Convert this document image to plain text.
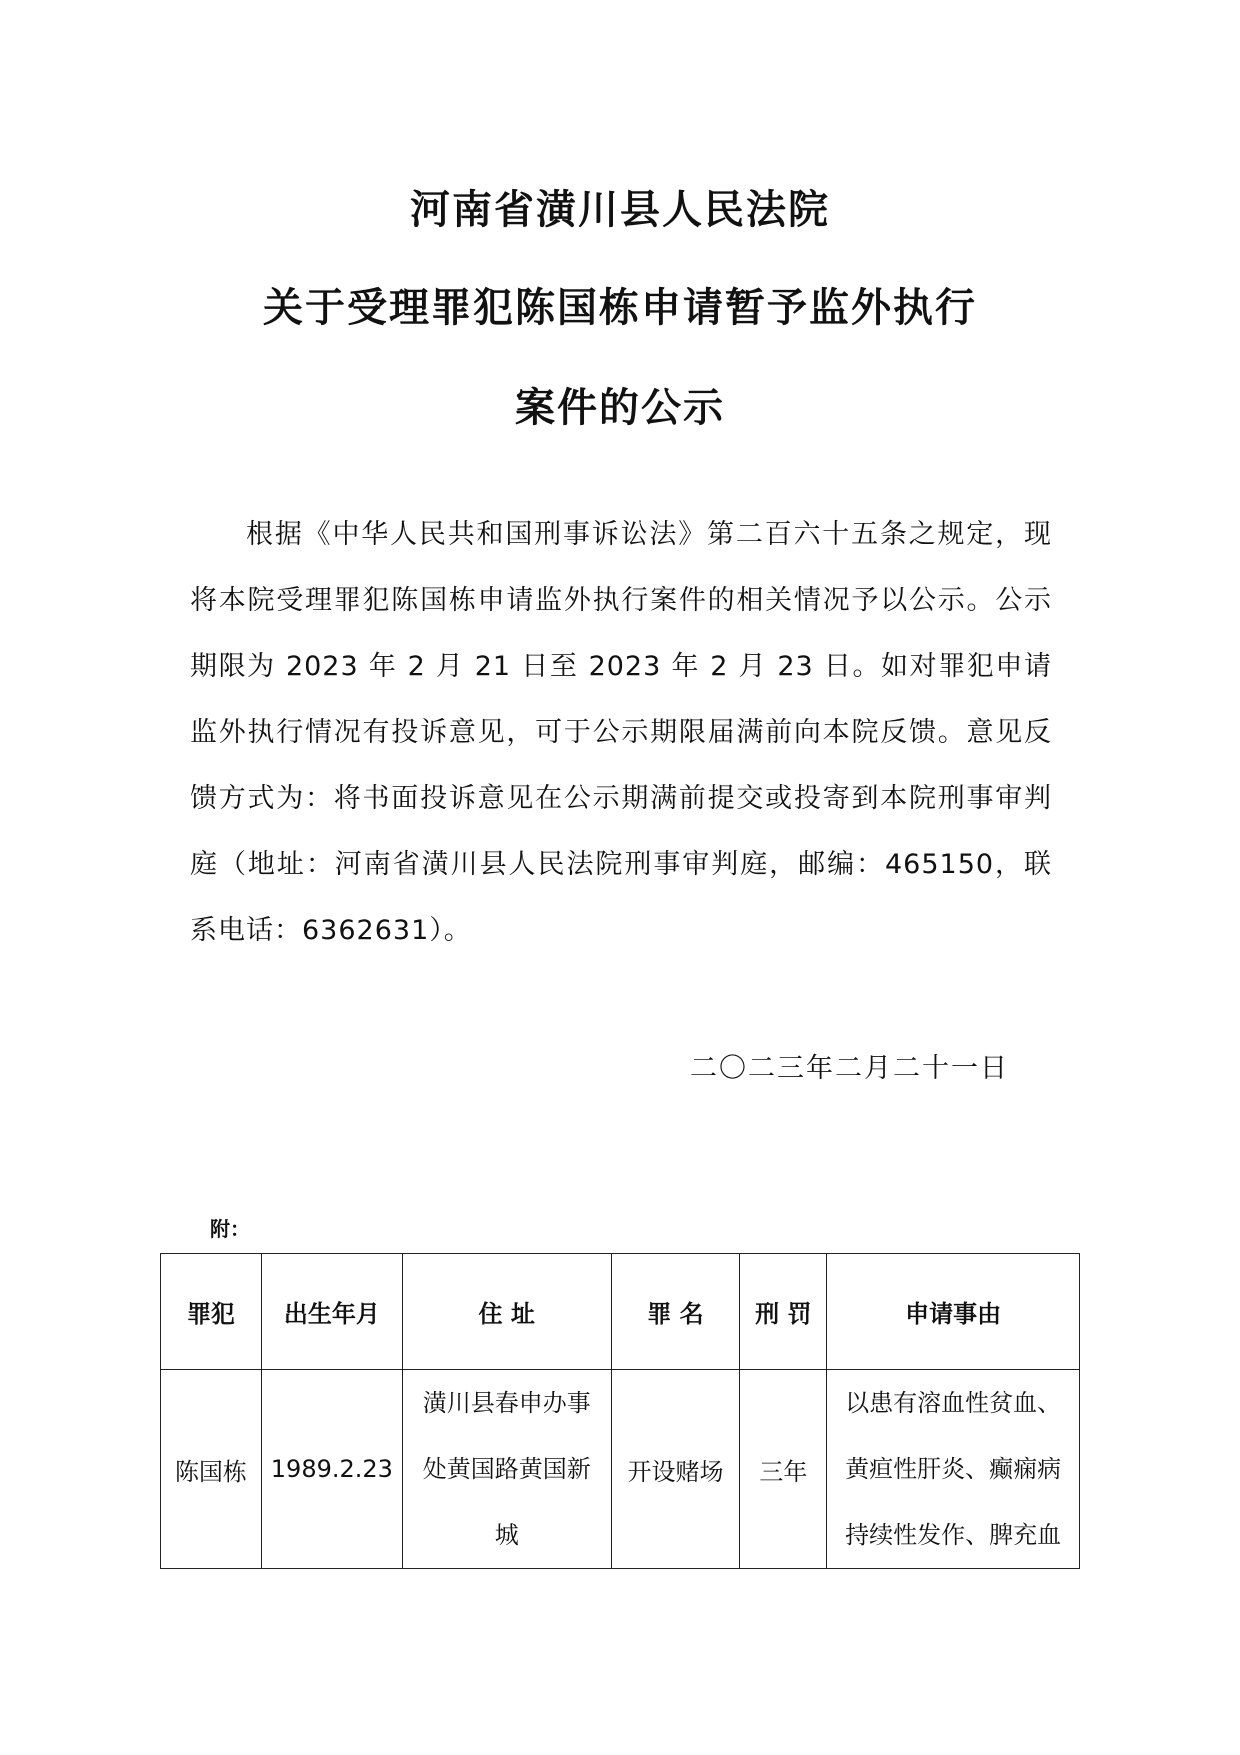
河南省潢川县人民法院
关于受理罪犯陈国栋申请暂予监外执行
案件的公示

根据《中华人民共和国刑事诉讼法》第二百六十五条之规定，现将本院受理罪犯陈国栋申请监外执行案件的相关情况予以公示。公示期限为 2023 年 2 月 21 日至 2023 年 2 月 23 日。如对罪犯申请监外执行情况有投诉意见，可于公示期限届满前向本院反馈。意见反馈方式为：将书面投诉意见在公示期满前提交或投寄到本院刑事审判庭（地址：河南省潢川县人民法院刑事审判庭，邮编：465150，联系电话：6362631）。

二〇二三年二月二十一日
附：
罪犯	出生年月	住 址	罪 名	刑 罚	申请事由
陈国栋	1989.2.23	潢川县春申办事处黄国路黄国新城	开设赌场	三年	以患有溶血性贫血、黄疸性肝炎、癫痫病持续性发作、脾充血
